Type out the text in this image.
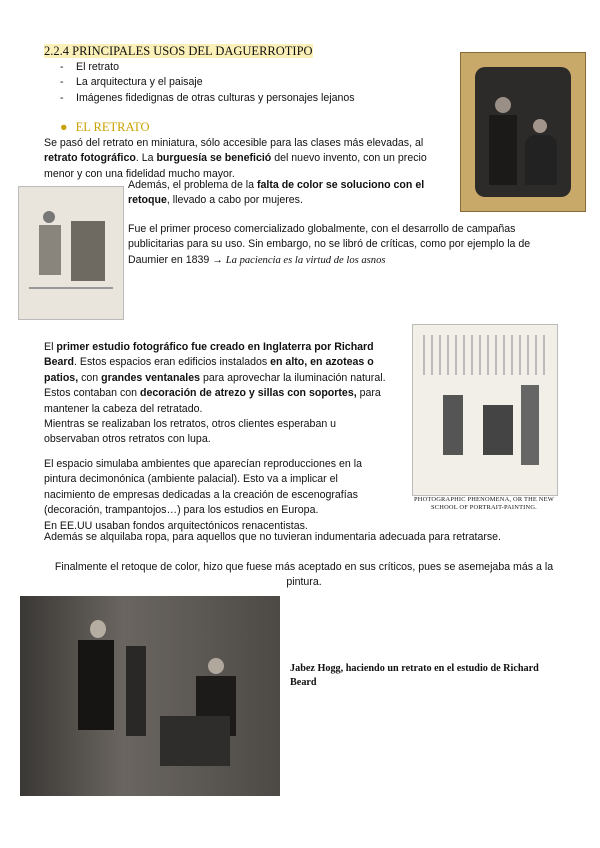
2.2.4 PRINCIPALES USOS DEL DAGUERROTIPO
- El retrato
- La arquitectura y el paisaje
- Imágenes fidedignas de otras culturas y personajes lejanos
● EL RETRATO
Se pasó del retrato en miniatura, sólo accesible para las clases más elevadas, al retrato fotográfico. La burguesía se benefició del nuevo invento, con un precio menor y con una fidelidad mucho mayor.
Además, el problema de la falta de color se soluciono con el retoque, llevado a cabo por mujeres.
Fue el primer proceso comercializado globalmente, con el desarrollo de campañas publicitarias para su uso. Sin embargo, no se libró de críticas, como por ejemplo la de Daumier en 1839 → La paciencia es la virtud de los asnos
PHOTOGRAPHIC PHENOMENA, OR THE NEW SCHOOL OF PORTRAIT-PAINTING.
El primer estudio fotográfico fue creado en Inglaterra por Richard Beard. Estos espacios eran edificios instalados en alto, en azoteas o patios, con grandes ventanales para aprovechar la iluminación natural. Estos contaban con decoración de atrezo y sillas con soportes, para mantener la cabeza del retratado.
Mientras se realizaban los retratos, otros clientes esperaban u observaban otros retratos con lupa.
El espacio simulaba ambientes que aparecían reproducciones en la pintura decimonónica (ambiente palacial). Esto va a implicar el nacimiento de empresas dedicadas a la creación de escenografías (decoración, trampantojos…) para los estudios en Europa.
En EE.UU usaban fondos arquitectónicos renacentistas.
Además se alquilaba ropa, para aquellos que no tuvieran indumentaria adecuada para retratarse.
Finalmente el retoque de color, hizo que fuese más aceptado en sus críticos, pues se asemejaba más a la pintura.
Jabez Hogg, haciendo un retrato en el estudio de Richard Beard
